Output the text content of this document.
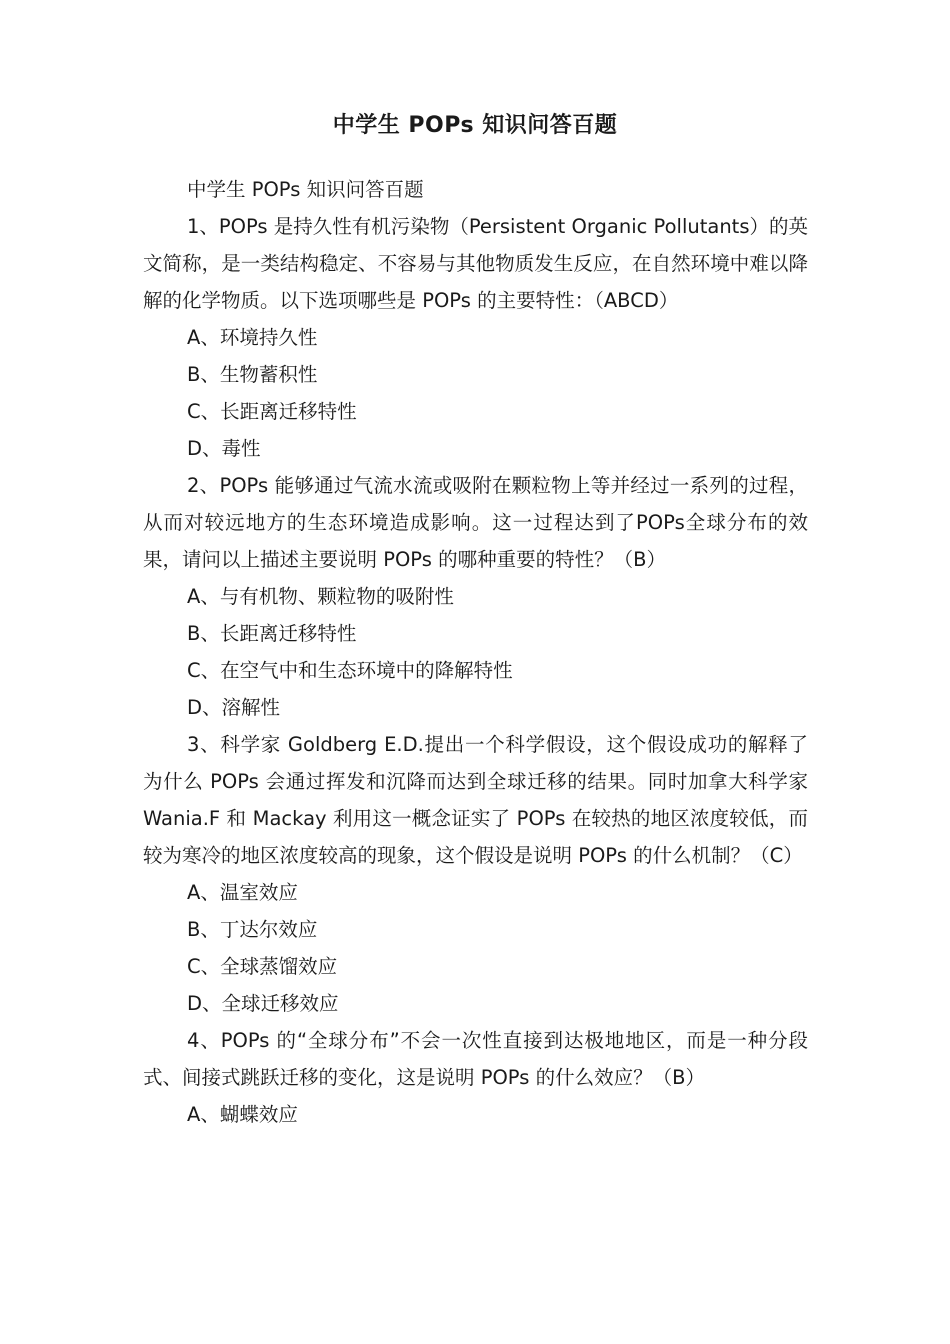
中学生 POPs 知识问答百题

中学生 POPs 知识问答百题

1、POPs 是持久性有机污染物（Persistent Organic Pollutants）的英文简称，是一类结构稳定、不容易与其他物质发生反应，在自然环境中难以降解的化学物质。以下选项哪些是 POPs 的主要特性：（ABCD）

A、环境持久性

B、生物蓄积性

C、长距离迁移特性

D、毒性

2、POPs 能够通过气流水流或吸附在颗粒物上等并经过一系列的过程，从而对较远地方的生态环境造成影响。这一过程达到了POPs全球分布的效果，请问以上描述主要说明 POPs 的哪种重要的特性？（B）

A、与有机物、颗粒物的吸附性

B、长距离迁移特性

C、在空气中和生态环境中的降解特性

D、溶解性

3、科学家 Goldberg E.D.提出一个科学假设，这个假设成功的解释了为什么 POPs 会通过挥发和沉降而达到全球迁移的结果。同时加拿大科学家 Wania.F 和 Mackay 利用这一概念证实了 POPs 在较热的地区浓度较低，而较为寒冷的地区浓度较高的现象，这个假设是说明 POPs 的什么机制？（C）

A、温室效应

B、丁达尔效应

C、全球蒸馏效应

D、全球迁移效应

4、POPs 的“全球分布”不会一次性直接到达极地地区，而是一种分段式、间接式跳跃迁移的变化，这是说明 POPs 的什么效应？（B）

A、蝴蝶效应
